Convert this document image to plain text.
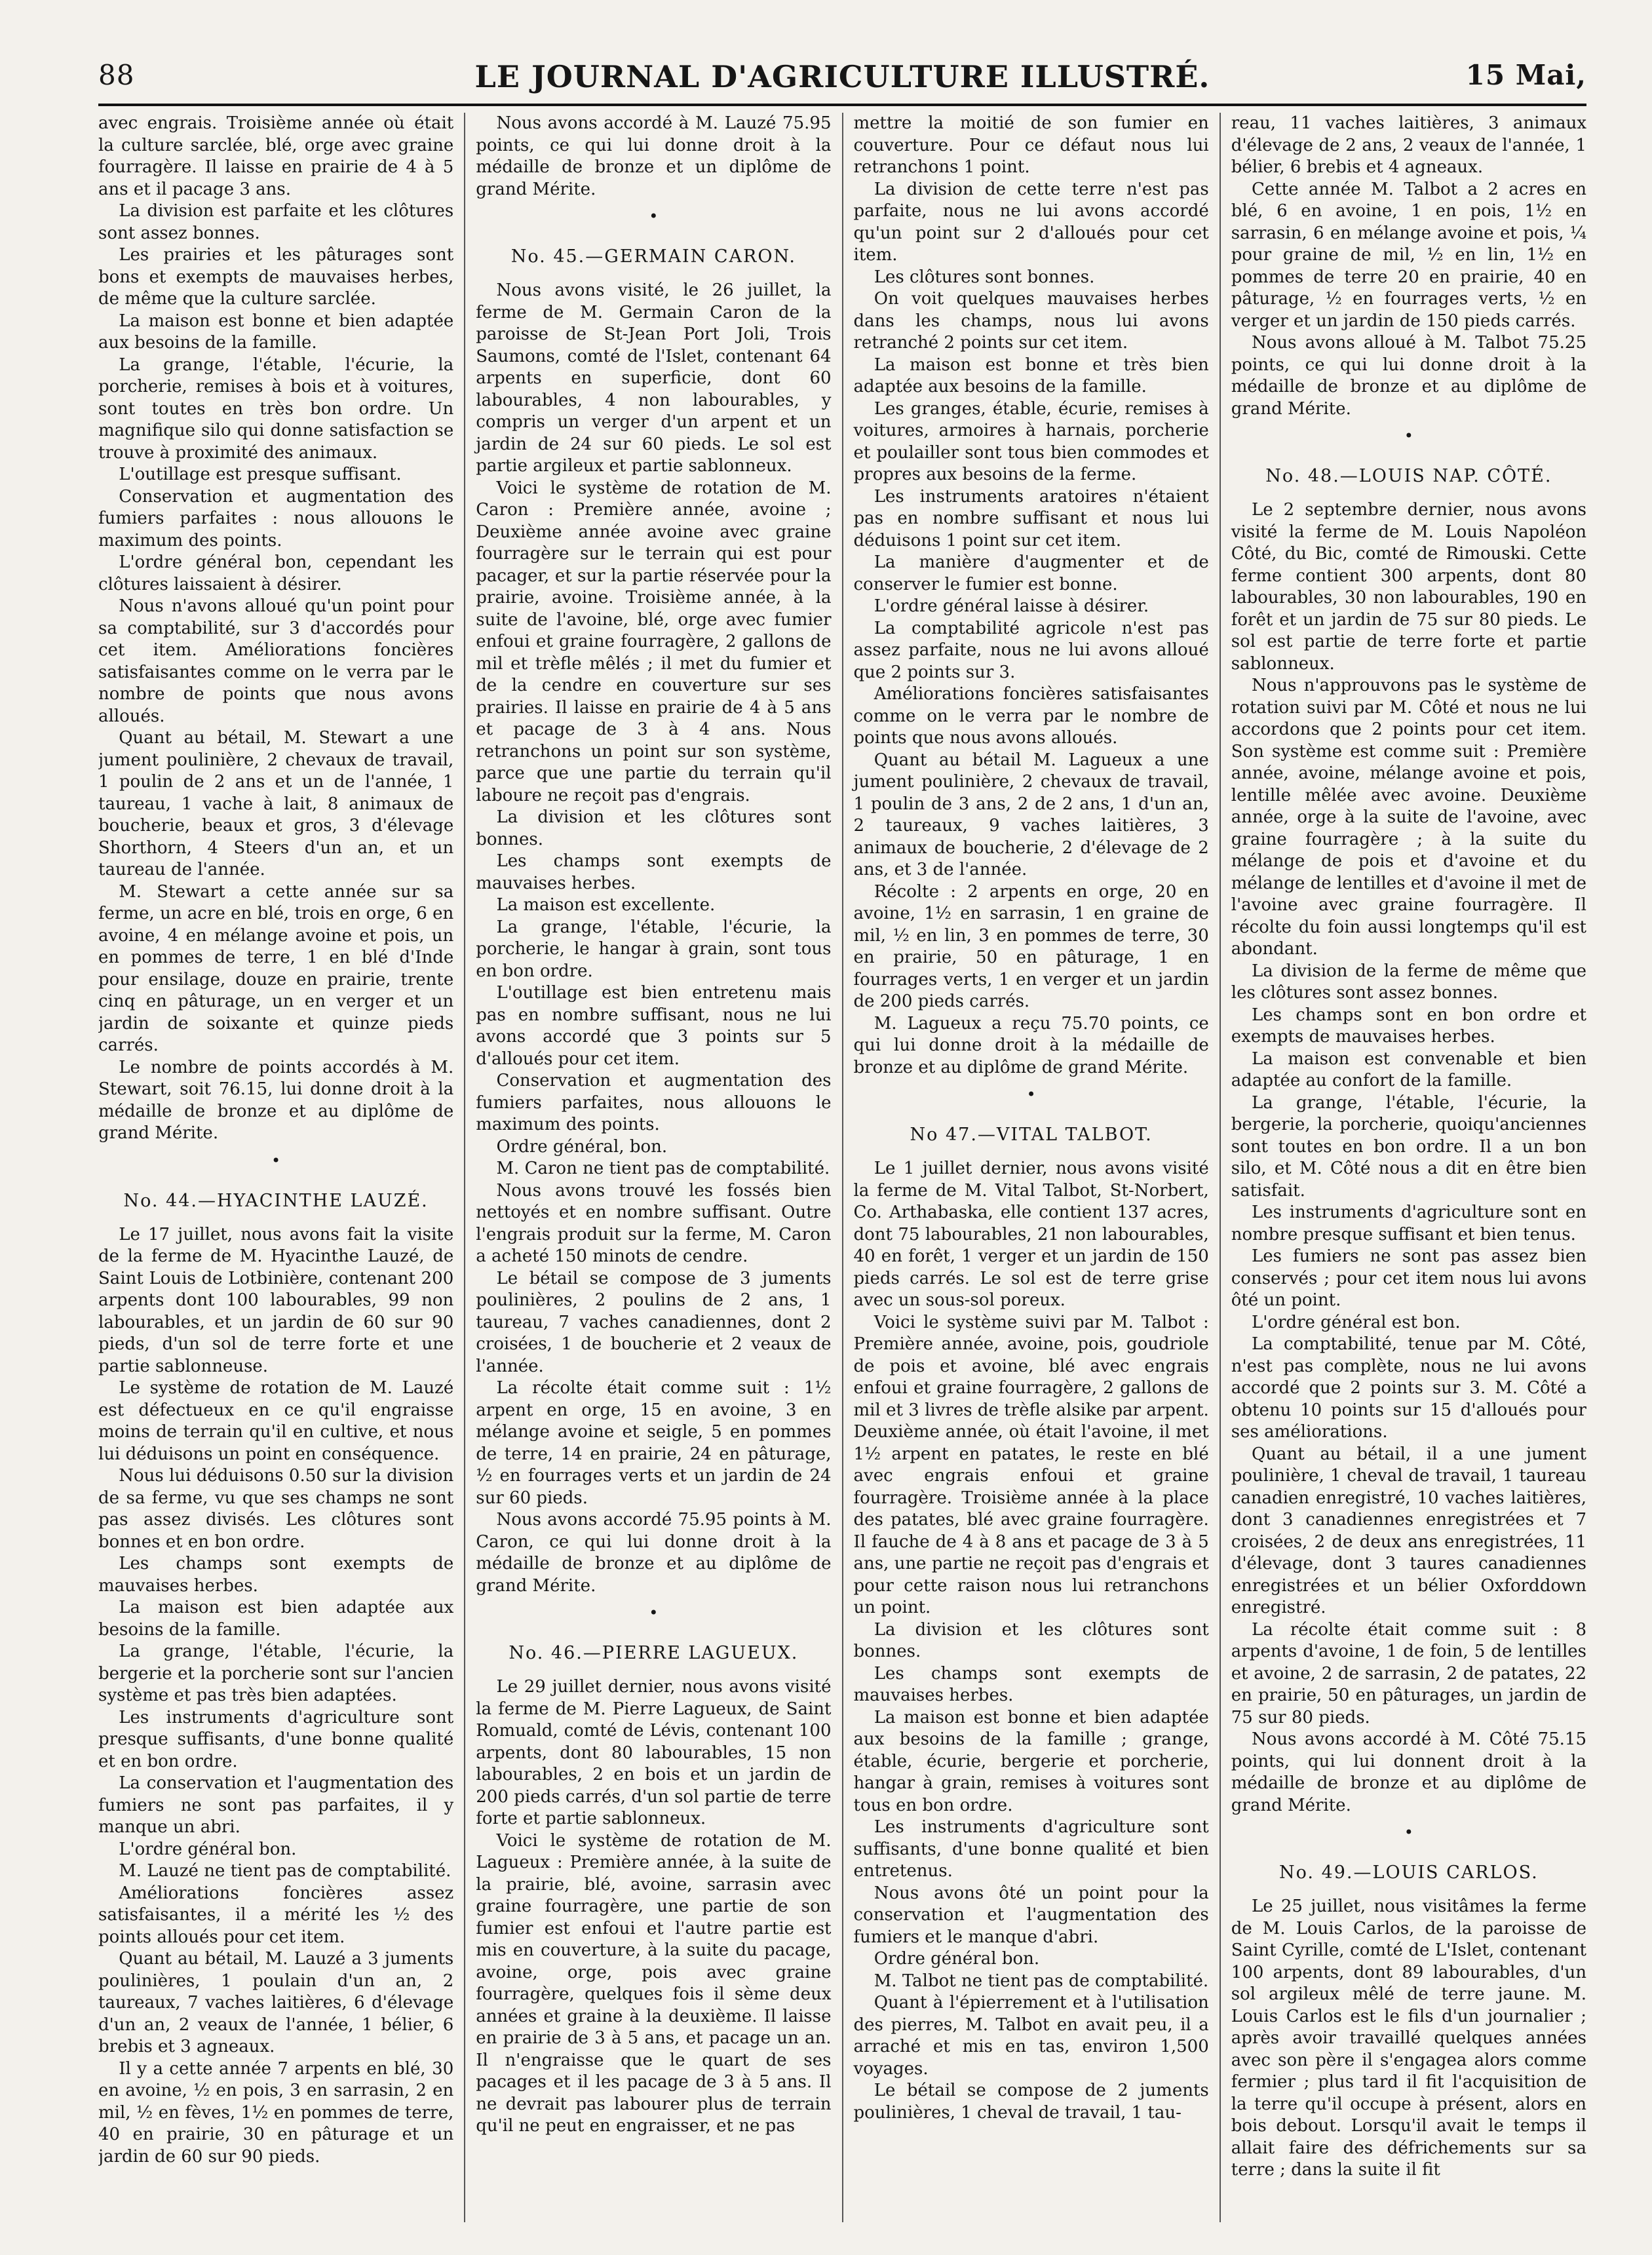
88	LE JOURNAL D'AGRICULTURE ILLUSTRÉ.	15 Mai,

avec engrais. Troisième année où était la culture sarclée, blé, orge avec graine fourragère. Il laisse en prairie de 4 à 5 ans et il pacage 3 ans.

La division est parfaite et les clôtures sont assez bonnes.

Les prairies et les pâturages sont bons et exempts de mauvaises herbes, de même que la culture sarclée.

La maison est bonne et bien adaptée aux besoins de la famille.

La grange, l'étable, l'écurie, la porcherie, remises à bois et à voitures, sont toutes en très bon ordre. Un magnifique silo qui donne satisfaction se trouve à proximité des animaux.

L'outillage est presque suffisant.

Conservation et augmentation des fumiers parfaites : nous allouons le maximum des points.

L'ordre général bon, cependant les clôtures laissaient à désirer.

Nous n'avons alloué qu'un point pour sa comptabilité, sur 3 d'accordés pour cet item. Améliorations foncières satisfaisantes comme on le verra par le nombre de points que nous avons alloués.

Quant au bétail, M. Stewart a une jument poulinière, 2 chevaux de travail, 1 poulin de 2 ans et un de l'année, 1 taureau, 1 vache à lait, 8 animaux de boucherie, beaux et gros, 3 d'élevage Shorthorn, 4 Steers d'un an, et un taureau de l'année.

M. Stewart a cette année sur sa ferme, un acre en blé, trois en orge, 6 en avoine, 4 en mélange avoine et pois, un en pommes de terre, 1 en blé d'Inde pour ensilage, douze en prairie, trente cinq en pâturage, un en verger et un jardin de soixante et quinze pieds carrés.

Le nombre de points accordés à M. Stewart, soit 76.15, lui donne droit à la médaille de bronze et au diplôme de grand Mérite.

•
No. 44.—HYACINTHE LAUZÉ.

Le 17 juillet, nous avons fait la visite de la ferme de M. Hyacinthe Lauzé, de Saint Louis de Lotbinière, contenant 200 arpents dont 100 labourables, 99 non labourables, et un jardin de 60 sur 90 pieds, d'un sol de terre forte et une partie sablonneuse.

Le système de rotation de M. Lauzé est défectueux en ce qu'il engraisse moins de terrain qu'il en cultive, et nous lui déduisons un point en conséquence.

Nous lui déduisons 0.50 sur la division de sa ferme, vu que ses champs ne sont pas assez divisés. Les clôtures sont bonnes et en bon ordre.

Les champs sont exempts de mauvaises herbes.

La maison est bien adaptée aux besoins de la famille.

La grange, l'étable, l'écurie, la bergerie et la porcherie sont sur l'ancien système et pas très bien adaptées.

Les instruments d'agriculture sont presque suffisants, d'une bonne qualité et en bon ordre.

La conservation et l'augmentation des fumiers ne sont pas parfaites, il y manque un abri.

L'ordre général bon.

M. Lauzé ne tient pas de comptabilité.

Améliorations foncières assez satisfaisantes, il a mérité les ½ des points alloués pour cet item.

Quant au bétail, M. Lauzé a 3 juments poulinières, 1 poulain d'un an, 2 taureaux, 7 vaches laitières, 6 d'élevage d'un an, 2 veaux de l'année, 1 bélier, 6 brebis et 3 agneaux.

Il y a cette année 7 arpents en blé, 30 en avoine, ½ en pois, 3 en sarrasin, 2 en mil, ½ en fèves, 1½ en pommes de terre, 40 en prairie, 30 en pâturage et un jardin de 60 sur 90 pieds.

Nous avons accordé à M. Lauzé 75.95 points, ce qui lui donne droit à la médaille de bronze et un diplôme de grand Mérite.

•
No. 45.—GERMAIN CARON.

Nous avons visité, le 26 juillet, la ferme de M. Germain Caron de la paroisse de St-Jean Port Joli, Trois Saumons, comté de l'Islet, contenant 64 arpents en superficie, dont 60 labourables, 4 non labourables, y compris un verger d'un arpent et un jardin de 24 sur 60 pieds. Le sol est partie argileux et partie sablonneux.

Voici le système de rotation de M. Caron : Première année, avoine ; Deuxième année avoine avec graine fourragère sur le terrain qui est pour pacager, et sur la partie réservée pour la prairie, avoine. Troisième année, à la suite de l'avoine, blé, orge avec fumier enfoui et graine fourragère, 2 gallons de mil et trèfle mêlés ; il met du fumier et de la cendre en couverture sur ses prairies. Il laisse en prairie de 4 à 5 ans et pacage de 3 à 4 ans. Nous retranchons un point sur son système, parce que une partie du terrain qu'il laboure ne reçoit pas d'engrais.

La division et les clôtures sont bonnes.

Les champs sont exempts de mauvaises herbes.

La maison est excellente.

La grange, l'étable, l'écurie, la porcherie, le hangar à grain, sont tous en bon ordre.

L'outillage est bien entretenu mais pas en nombre suffisant, nous ne lui avons accordé que 3 points sur 5 d'alloués pour cet item.

Conservation et augmentation des fumiers parfaites, nous allouons le maximum des points.

Ordre général, bon.

M. Caron ne tient pas de comptabilité.

Nous avons trouvé les fossés bien nettoyés et en nombre suffisant. Outre l'engrais produit sur la ferme, M. Caron a acheté 150 minots de cendre.

Le bétail se compose de 3 juments poulinières, 2 poulins de 2 ans, 1 taureau, 7 vaches canadiennes, dont 2 croisées, 1 de boucherie et 2 veaux de l'année.

La récolte était comme suit : 1½ arpent en orge, 15 en avoine, 3 en mélange avoine et seigle, 5 en pommes de terre, 14 en prairie, 24 en pâturage, ½ en fourrages verts et un jardin de 24 sur 60 pieds.

Nous avons accordé 75.95 points à M. Caron, ce qui lui donne droit à la médaille de bronze et au diplôme de grand Mérite.

•
No. 46.—PIERRE LAGUEUX.

Le 29 juillet dernier, nous avons visité la ferme de M. Pierre Lagueux, de Saint Romuald, comté de Lévis, contenant 100 arpents, dont 80 labourables, 15 non labourables, 2 en bois et un jardin de 200 pieds carrés, d'un sol partie de terre forte et partie sablonneux.

Voici le système de rotation de M. Lagueux : Première année, à la suite de la prairie, blé, avoine, sarrasin avec graine fourragère, une partie de son fumier est enfoui et l'autre partie est mis en couverture, à la suite du pacage, avoine, orge, pois avec graine fourragère, quelques fois il sème deux années et graine à la deuxième. Il laisse en prairie de 3 à 5 ans, et pacage un an. Il n'engraisse que le quart de ses pacages et il les pacage de 3 à 5 ans. Il ne devrait pas labourer plus de terrain qu'il ne peut en engraisser, et ne pas

mettre la moitié de son fumier en couverture. Pour ce défaut nous lui retranchons 1 point.

La division de cette terre n'est pas parfaite, nous ne lui avons accordé qu'un point sur 2 d'alloués pour cet item.

Les clôtures sont bonnes.

On voit quelques mauvaises herbes dans les champs, nous lui avons retranché 2 points sur cet item.

La maison est bonne et très bien adaptée aux besoins de la famille.

Les granges, étable, écurie, remises à voitures, armoires à harnais, porcherie et poulailler sont tous bien commodes et propres aux besoins de la ferme.

Les instruments aratoires n'étaient pas en nombre suffisant et nous lui déduisons 1 point sur cet item.

La manière d'augmenter et de conserver le fumier est bonne.

L'ordre général laisse à désirer.

La comptabilité agricole n'est pas assez parfaite, nous ne lui avons alloué que 2 points sur 3.

Améliorations foncières satisfaisantes comme on le verra par le nombre de points que nous avons alloués.

Quant au bétail M. Lagueux a une jument poulinière, 2 chevaux de travail, 1 poulin de 3 ans, 2 de 2 ans, 1 d'un an, 2 taureaux, 9 vaches laitières, 3 animaux de boucherie, 2 d'élevage de 2 ans, et 3 de l'année.

Récolte : 2 arpents en orge, 20 en avoine, 1½ en sarrasin, 1 en graine de mil, ½ en lin, 3 en pommes de terre, 30 en prairie, 50 en pâturage, 1 en fourrages verts, 1 en verger et un jardin de 200 pieds carrés.

M. Lagueux a reçu 75.70 points, ce qui lui donne droit à la médaille de bronze et au diplôme de grand Mérite.

•
No 47.—VITAL TALBOT.

Le 1 juillet dernier, nous avons visité la ferme de M. Vital Talbot, St-Norbert, Co. Arthabaska, elle contient 137 acres, dont 75 labourables, 21 non labourables, 40 en forêt, 1 verger et un jardin de 150 pieds carrés. Le sol est de terre grise avec un sous-sol poreux.

Voici le système suivi par M. Talbot : Première année, avoine, pois, goudriole de pois et avoine, blé avec engrais enfoui et graine fourragère, 2 gallons de mil et 3 livres de trèfle alsike par arpent. Deuxième année, où était l'avoine, il met 1½ arpent en patates, le reste en blé avec engrais enfoui et graine fourragère. Troisième année à la place des patates, blé avec graine fourragère. Il fauche de 4 à 8 ans et pacage de 3 à 5 ans, une partie ne reçoit pas d'engrais et pour cette raison nous lui retranchons un point.

La division et les clôtures sont bonnes.

Les champs sont exempts de mauvaises herbes.

La maison est bonne et bien adaptée aux besoins de la famille ; grange, étable, écurie, bergerie et porcherie, hangar à grain, remises à voitures sont tous en bon ordre.

Les instruments d'agriculture sont suffisants, d'une bonne qualité et bien entretenus.

Nous avons ôté un point pour la conservation et l'augmentation des fumiers et le manque d'abri.

Ordre général bon.

M. Talbot ne tient pas de comptabilité.

Quant à l'épierrement et à l'utilisation des pierres, M. Talbot en avait peu, il a arraché et mis en tas, environ 1,500 voyages.

Le bétail se compose de 2 juments poulinières, 1 cheval de travail, 1 tau-

reau, 11 vaches laitières, 3 animaux d'élevage de 2 ans, 2 veaux de l'année, 1 bélier, 6 brebis et 4 agneaux.

Cette année M. Talbot a 2 acres en blé, 6 en avoine, 1 en pois, 1½ en sarrasin, 6 en mélange avoine et pois, ¼ pour graine de mil, ½ en lin, 1½ en pommes de terre 20 en prairie, 40 en pâturage, ½ en fourrages verts, ½ en verger et un jardin de 150 pieds carrés.

Nous avons alloué à M. Talbot 75.25 points, ce qui lui donne droit à la médaille de bronze et au diplôme de grand Mérite.

•
No. 48.—LOUIS NAP. CÔTÉ.

Le 2 septembre dernier, nous avons visité la ferme de M. Louis Napoléon Côté, du Bic, comté de Rimouski. Cette ferme contient 300 arpents, dont 80 labourables, 30 non labourables, 190 en forêt et un jardin de 75 sur 80 pieds. Le sol est partie de terre forte et partie sablonneux.

Nous n'approuvons pas le système de rotation suivi par M. Côté et nous ne lui accordons que 2 points pour cet item. Son système est comme suit : Première année, avoine, mélange avoine et pois, lentille mêlée avec avoine. Deuxième année, orge à la suite de l'avoine, avec graine fourragère ; à la suite du mélange de pois et d'avoine et du mélange de lentilles et d'avoine il met de l'avoine avec graine fourragère. Il récolte du foin aussi longtemps qu'il est abondant.

La division de la ferme de même que les clôtures sont assez bonnes.

Les champs sont en bon ordre et exempts de mauvaises herbes.

La maison est convenable et bien adaptée au confort de la famille.

La grange, l'étable, l'écurie, la bergerie, la porcherie, quoiqu'anciennes sont toutes en bon ordre. Il a un bon silo, et M. Côté nous a dit en être bien satisfait.

Les instruments d'agriculture sont en nombre presque suffisant et bien tenus.

Les fumiers ne sont pas assez bien conservés ; pour cet item nous lui avons ôté un point.

L'ordre général est bon.

La comptabilité, tenue par M. Côté, n'est pas complète, nous ne lui avons accordé que 2 points sur 3. M. Côté a obtenu 10 points sur 15 d'alloués pour ses améliorations.

Quant au bétail, il a une jument poulinière, 1 cheval de travail, 1 taureau canadien enregistré, 10 vaches laitières, dont 3 canadiennes enregistrées et 7 croisées, 2 de deux ans enregistrées, 11 d'élevage, dont 3 taures canadiennes enregistrées et un bélier Oxforddown enregistré.

La récolte était comme suit : 8 arpents d'avoine, 1 de foin, 5 de lentilles et avoine, 2 de sarrasin, 2 de patates, 22 en prairie, 50 en pâturages, un jardin de 75 sur 80 pieds.

Nous avons accordé à M. Côté 75.15 points, qui lui donnent droit à la médaille de bronze et au diplôme de grand Mérite.

•
No. 49.—LOUIS CARLOS.

Le 25 juillet, nous visitâmes la ferme de M. Louis Carlos, de la paroisse de Saint Cyrille, comté de L'Islet, contenant 100 arpents, dont 89 labourables, d'un sol argileux mêlé de terre jaune. M. Louis Carlos est le fils d'un journalier ; après avoir travaillé quelques années avec son père il s'engagea alors comme fermier ; plus tard il fit l'acquisition de la terre qu'il occupe à présent, alors en bois debout. Lorsqu'il avait le temps il allait faire des défrichements sur sa terre ; dans la suite il fit
